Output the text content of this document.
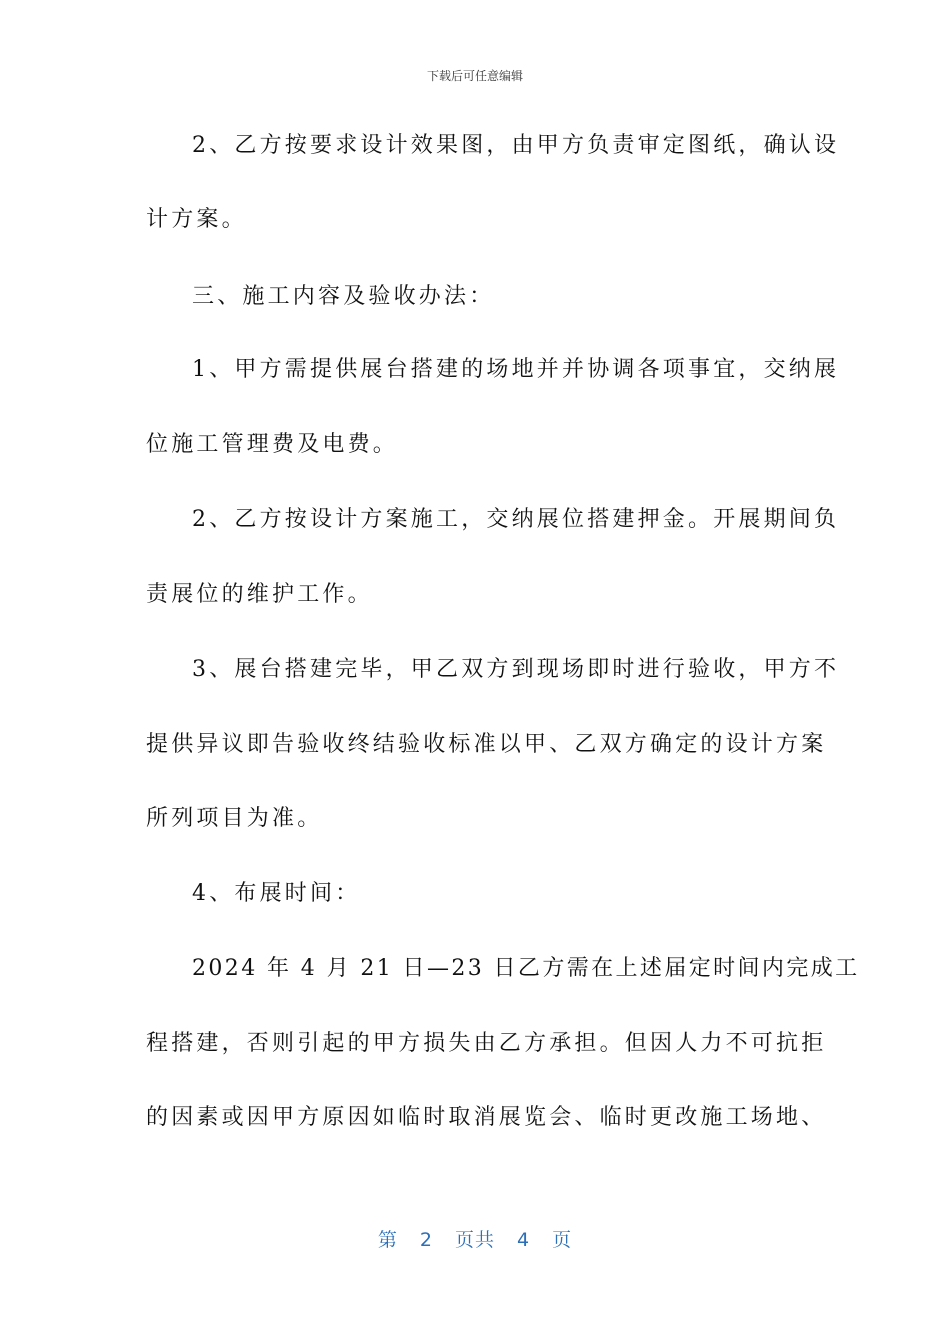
下载后可任意编辑
2、乙方按要求设计效果图，由甲方负责审定图纸，确认设
计方案。
三、施工内容及验收办法：
1、甲方需提供展台搭建的场地并并协调各项事宜，交纳展
位施工管理费及电费。
2、乙方按设计方案施工，交纳展位搭建押金。开展期间负
责展位的维护工作。
3、展台搭建完毕，甲乙双方到现场即时进行验收，甲方不
提供异议即告验收终结验收标准以甲、乙双方确定的设计方案
所列项目为准。
4、布展时间：
2024 年 4 月 21 日—23 日乙方需在上述届定时间内完成工
程搭建，否则引起的甲方损失由乙方承担。但因人力不可抗拒
的因素或因甲方原因如临时取消展览会、临时更改施工场地、
第 2 页共 4 页
